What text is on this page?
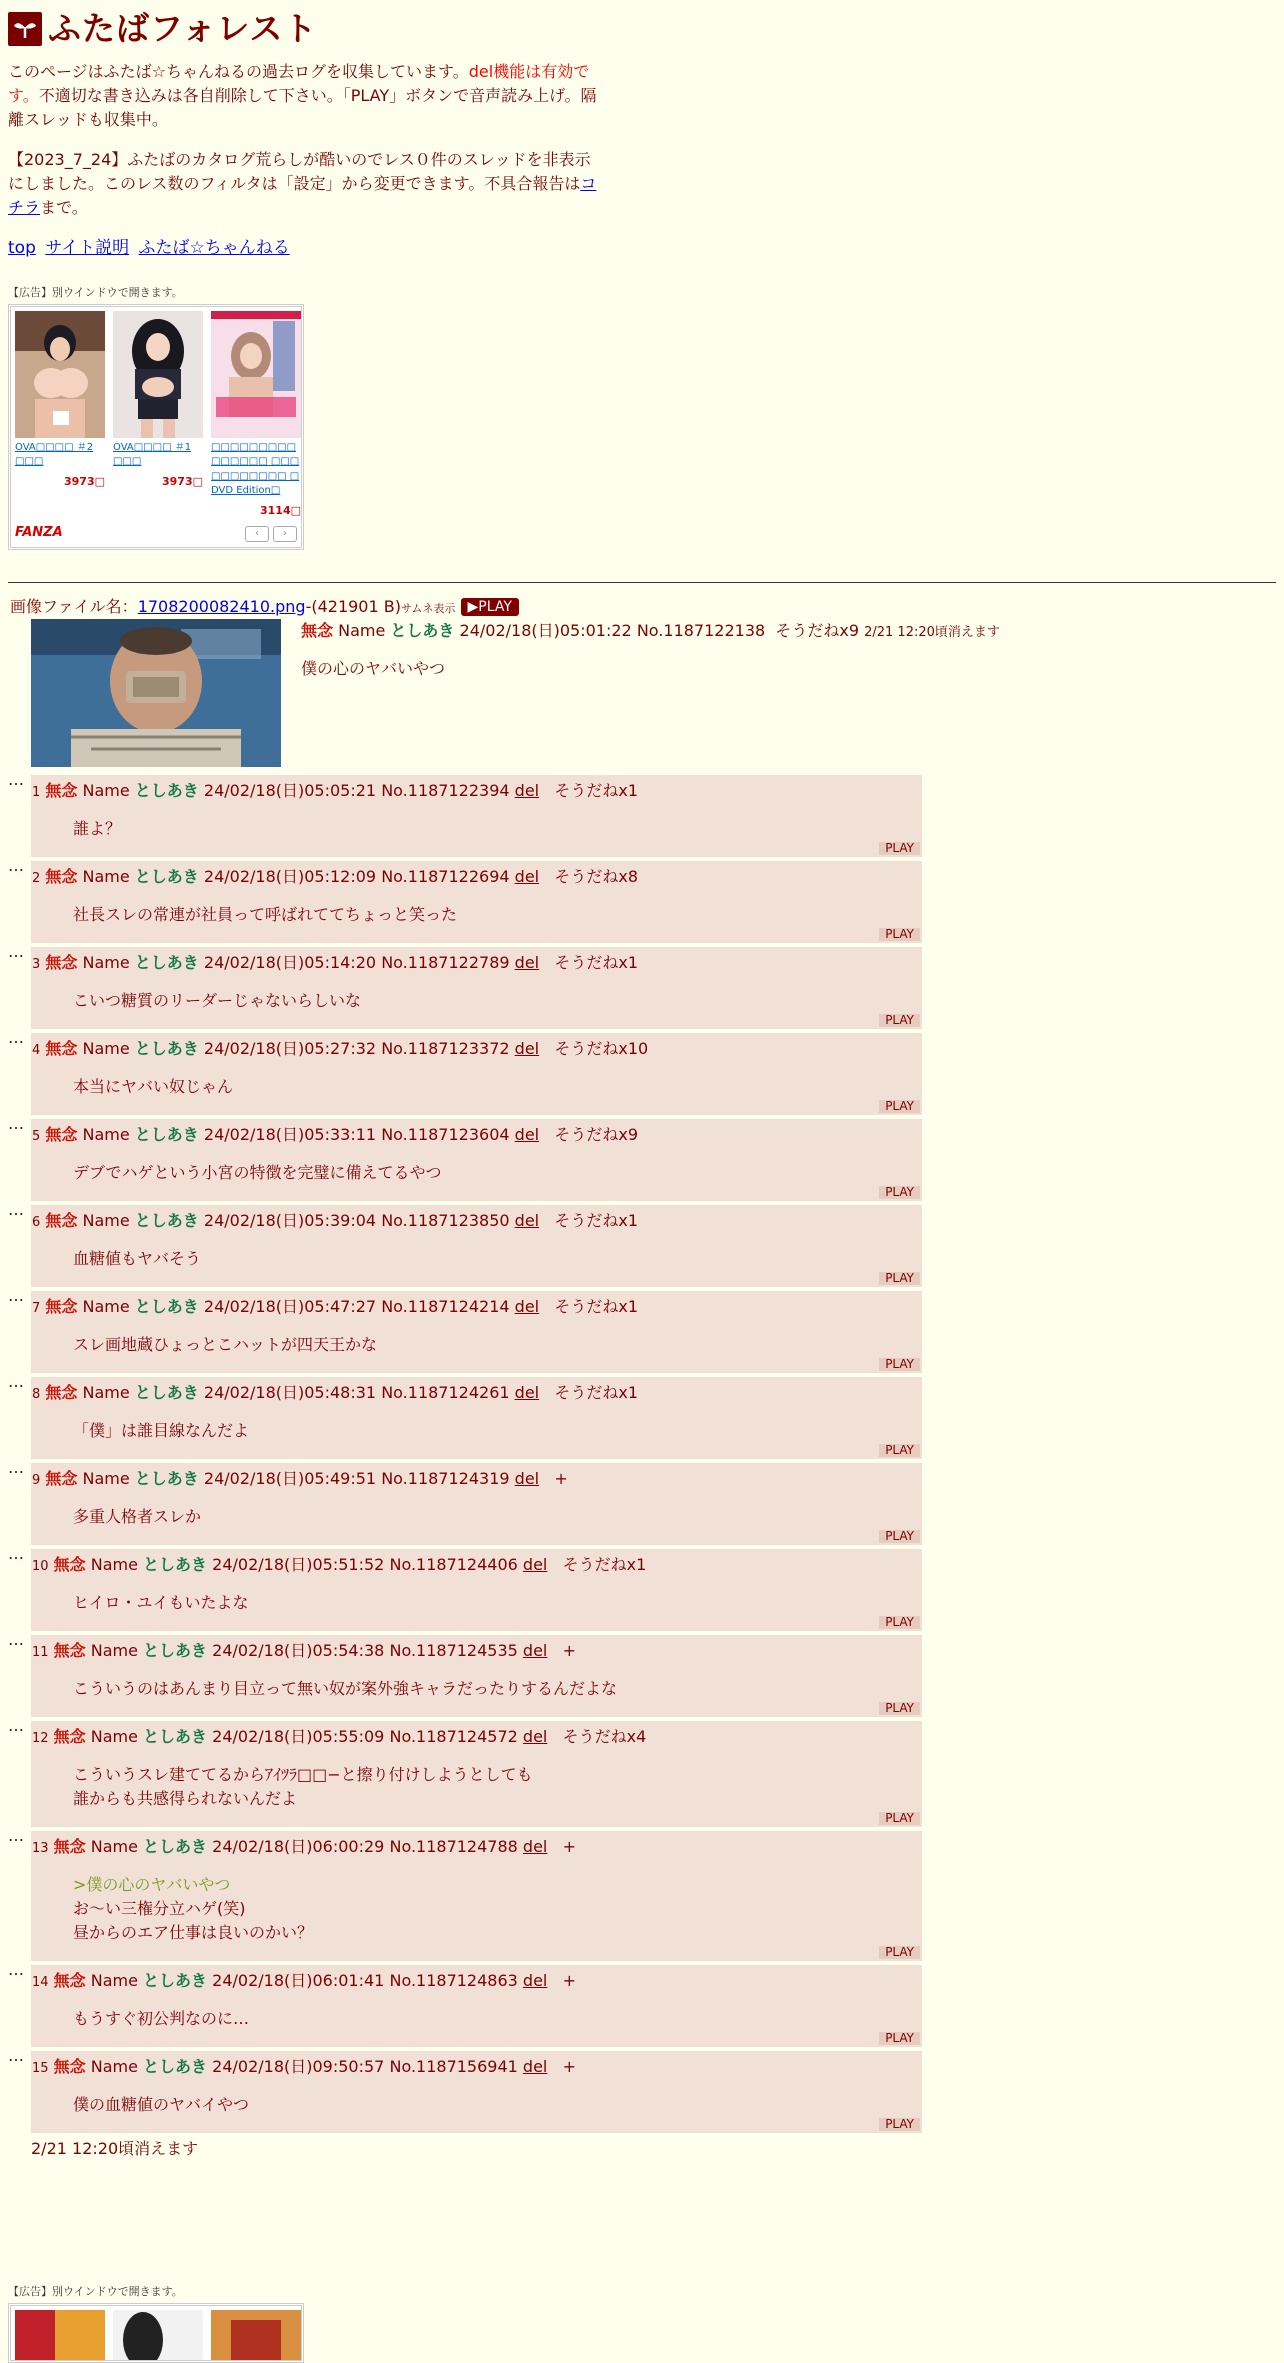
ふたばフォレスト
このページはふたば☆ちゃんねるの過去ログを収集しています。del機能は有効です。不適切な書き込みは各自削除して下さい。「PLAY」ボタンで音声読み上げ。隔離スレッドも収集中。
【2023_7_24】ふたばのカタログ荒らしが酷いのでレス０件のスレッドを非表示にしました。このレス数のフィルタは「設定」から変更できます。不具合報告はコチラまで。
top サイト説明 ふたば☆ちゃんねる
【広告】別ウインドウで開きます。
OVA□□□□ ＃2 □□□
3973□
OVA□□□□ ＃1 □□□
3973□
□□□□□□□□□□□□□□□ □□□□□□□□□□□ □DVD Edition□
3114□
FANZA	‹	›
画像ファイル名：1708200082410.png-(421901 B)サムネ表示 ▶PLAY
無念 Name としあき 24/02/18(日)05:01:22 No.1187122138 そうだねx9 2/21 12:20頃消えます
僕の心のヤバいやつ
…
1 無念 Name としあき 24/02/18(日)05:05:21 No.1187122394 del そうだねx1
誰よ？
PLAY
…
2 無念 Name としあき 24/02/18(日)05:12:09 No.1187122694 del そうだねx8
社長スレの常連が社員って呼ばれててちょっと笑った
PLAY
…
3 無念 Name としあき 24/02/18(日)05:14:20 No.1187122789 del そうだねx1
こいつ糖質のリーダーじゃないらしいな
PLAY
…
4 無念 Name としあき 24/02/18(日)05:27:32 No.1187123372 del そうだねx10
本当にヤバい奴じゃん
PLAY
…
5 無念 Name としあき 24/02/18(日)05:33:11 No.1187123604 del そうだねx9
デブでハゲという小宮の特徴を完璧に備えてるやつ
PLAY
…
6 無念 Name としあき 24/02/18(日)05:39:04 No.1187123850 del そうだねx1
血糖値もヤバそう
PLAY
…
7 無念 Name としあき 24/02/18(日)05:47:27 No.1187124214 del そうだねx1
スレ画地蔵ひょっとこハットが四天王かな
PLAY
…
8 無念 Name としあき 24/02/18(日)05:48:31 No.1187124261 del そうだねx1
「僕」は誰目線なんだよ
PLAY
…
9 無念 Name としあき 24/02/18(日)05:49:51 No.1187124319 del +
多重人格者スレか
PLAY
…
10 無念 Name としあき 24/02/18(日)05:51:52 No.1187124406 del そうだねx1
ヒイロ・ユイもいたよな
PLAY
…
11 無念 Name としあき 24/02/18(日)05:54:38 No.1187124535 del +
こういうのはあんまり目立って無い奴が案外強キャラだったりするんだよな
PLAY
…
12 無念 Name としあき 24/02/18(日)05:55:09 No.1187124572 del そうだねx4
こういうスレ建ててるからｱｲﾂﾗ□□−と擦り付けしようとしても
誰からも共感得られないんだよ
PLAY
…
13 無念 Name としあき 24/02/18(日)06:00:29 No.1187124788 del +
>僕の心のヤバいやつ
お〜い三権分立ハゲ(笑)
昼からのエア仕事は良いのかい？
PLAY
…
14 無念 Name としあき 24/02/18(日)06:01:41 No.1187124863 del +
もうすぐ初公判なのに…
PLAY
…
15 無念 Name としあき 24/02/18(日)09:50:57 No.1187156941 del +
僕の血糖値のヤバイやつ
PLAY
2/21 12:20頃消えます
【広告】別ウインドウで開きます。
